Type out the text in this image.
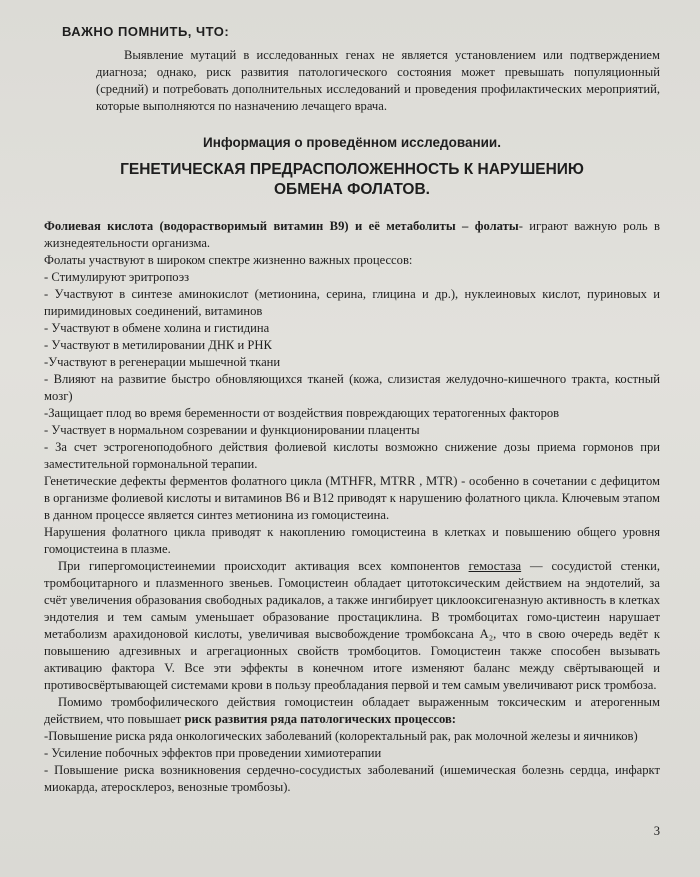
ВАЖНО ПОМНИТЬ, ЧТО:

Выявление мутаций в исследованных генах не является установлением или подтверждением диагноза; однако, риск развития патологического состояния может превышать популяционный (средний) и потребовать дополнительных исследований и проведения профилактических мероприятий, которые выполняются по назначению лечащего врача.

Информация о проведённом исследовании.
ГЕНЕТИЧЕСКАЯ ПРЕДРАСПОЛОЖЕННОСТЬ К НАРУШЕНИЮ
ОБМЕНА ФОЛАТОВ.

Фолиевая кислота (водорастворимый витамин В9) и её метаболиты – фолаты- играют важную роль в жизнедеятельности организма.

Фолаты участвуют в широком спектре жизненно важных процессов:

- Стимулируют эритропоэз

- Участвуют в синтезе аминокислот (метионина, серина, глицина и др.), нуклеиновых кислот, пуриновых и пиримидиновых соединений, витаминов

- Участвуют в обмене холина и гистидина

- Участвуют в метилировании ДНК и РНК

-Участвуют в регенерации мышечной ткани

- Влияют на развитие быстро обновляющихся тканей (кожа, слизистая желудочно-кишечного тракта, костный мозг)

-Защищает плод во время беременности от воздействия повреждающих тератогенных факторов

- Участвует в нормальном созревании и функционировании плаценты

- За счет эстрогеноподобного действия фолиевой кислоты возможно снижение дозы приема гормонов при заместительной гормональной терапии.

Генетические дефекты ферментов фолатного цикла (MTHFR, MTRR , MTR) - особенно в сочетании с дефицитом в организме фолиевой кислоты и витаминов В6 и В12 приводят к нарушению фолатного цикла. Ключевым этапом в данном процессе является синтез метионина из гомоцистеина.

Нарушения фолатного цикла приводят к накоплению гомоцистеина в клетках и повышению общего уровня гомоцистеина в плазме.

При гипергомоцистеинемии происходит активация всех компонентов гемостаза — сосудистой стенки, тромбоцитарного и плазменного звеньев. Гомоцистеин обладает цитотоксическим действием на эндотелий, за счёт увеличения образования свободных радикалов, а также ингибирует циклооксигеназную активность в клетках эндотелия и тем самым уменьшает образование простациклина. В тромбоцитах гомо-цистеин нарушает метаболизм арахидоновой кислоты, увеличивая высвобождение тромбоксана А₂, что в свою очередь ведёт к повышению адгезивных и агрегационных свойств тромбоцитов. Гомоцистеин также способен вызывать активацию фактора V. Все эти эффекты в конечном итоге изменяют баланс между свёртывающей и противосвёртывающей системами крови в пользу преобладания первой и тем самым увеличивают риск тромбоза.

Помимо тромбофилического действия гомоцистеин обладает выраженным токсическим и атерогенным действием, что повышает риск развития ряда патологических процессов:

-Повышение риска ряда онкологических заболеваний (колоректальный рак, рак молочной железы и яичников)

- Усиление побочных эффектов при проведении химиотерапии

- Повышение риска возникновения сердечно-сосудистых заболеваний (ишемическая болезнь сердца, инфаркт миокарда, атеросклероз, венозные тромбозы).

3
